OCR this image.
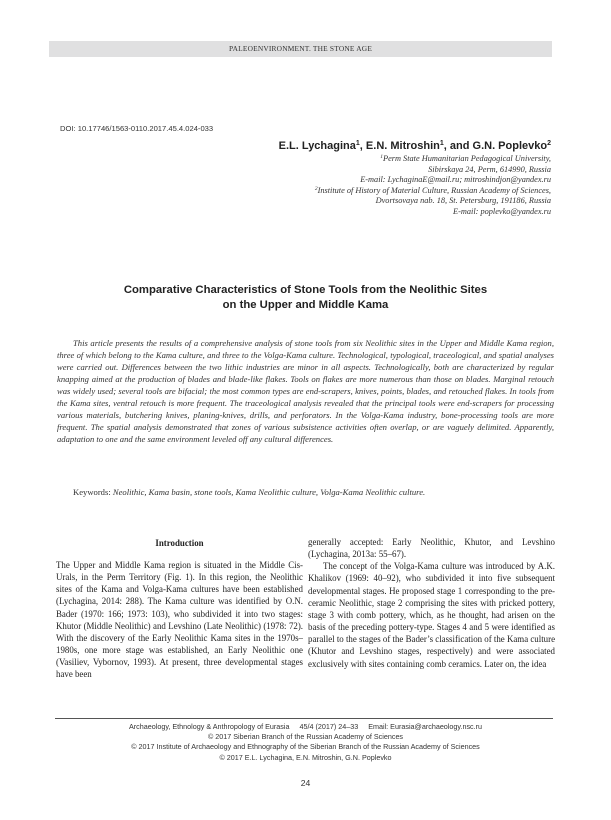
PALEOENVIRONMENT. THE STONE AGE
DOI: 10.17746/1563-0110.2017.45.4.024-033
E.L. Lychagina$^1$, E.N. Mitroshin$^1$, and G.N. Poplevko$^2$
$^1$Perm State Humanitarian Pedagogical University,
Sibirskaya 24, Perm, 614990, Russia
E-mail: LychaginaE@mail.ru; mitroshindjon@yandex.ru
$^2$Institute of History of Material Culture, Russian Academy of Sciences,
Dvortsovaya nab. 18, St. Petersburg, 191186, Russia
E-mail: poplevko@yandex.ru
Comparative Characteristics of Stone Tools from the Neolithic Sites
on the Upper and Middle Kama

This article presents the results of a comprehensive analysis of stone tools from six Neolithic sites in the Upper and Middle Kama region, three of which belong to the Kama culture, and three to the Volga-Kama culture. Technological, typological, traceological, and spatial analyses were carried out. Differences between the two lithic industries are minor in all aspects. Technologically, both are characterized by regular knapping aimed at the production of blades and blade-like flakes. Tools on flakes are more numerous than those on blades. Marginal retouch was widely used; several tools are bifacial; the most common types are end-scrapers, knives, points, blades, and retouched flakes. In tools from the Kama sites, ventral retouch is more frequent. The traceological analysis revealed that the principal tools were end-scrapers for processing various materials, butchering knives, planing-knives, drills, and perforators. In the Volga-Kama industry, bone-processing tools are more frequent. The spatial analysis demonstrated that zones of various subsistence activities often overlap, or are vaguely delimited. Apparently, adaptation to one and the same environment leveled off any cultural differences.

Keywords: Neolithic, Kama basin, stone tools, Kama Neolithic culture, Volga-Kama Neolithic culture.
Introduction

The Upper and Middle Kama region is situated in the Middle Cis-Urals, in the Perm Territory (Fig. 1). In this region, the Neolithic sites of the Kama and Volga-Kama cultures have been established (Lychagina, 2014: 288). The Kama culture was identified by O.N. Bader (1970: 166; 1973: 103), who subdivided it into two stages: Khutor (Middle Neolithic) and Levshino (Late Neolithic) (1978: 72). With the discovery of the Early Neolithic Kama sites in the 1970s–1980s, one more stage was established, an Early Neolithic one (Vasiliev, Vybornov, 1993). At present, three developmental stages have been

generally accepted: Early Neolithic, Khutor, and Levshino (Lychagina, 2013a: 55–67).

The concept of the Volga-Kama culture was introduced by A.K. Khalikov (1969: 40–92), who subdivided it into five subsequent developmental stages. He proposed stage 1 corresponding to the pre-ceramic Neolithic, stage 2 comprising the sites with pricked pottery, stage 3 with comb pottery, which, as he thought, had arisen on the basis of the preceding pottery-type. Stages 4 and 5 were identified as parallel to the stages of the Bader’s classification of the Kama culture (Khutor and Levshino stages, respectively) and were associated exclusively with sites containing comb ceramics. Later on, the idea

Archaeology, Ethnology & Anthropology of Eurasia 45/4 (2017) 24–33 Email: Eurasia@archaeology.nsc.ru
© 2017 Siberian Branch of the Russian Academy of Sciences
© 2017 Institute of Archaeology and Ethnography of the Siberian Branch of the Russian Academy of Sciences
© 2017 E.L. Lychagina, E.N. Mitroshin, G.N. Poplevko
24
